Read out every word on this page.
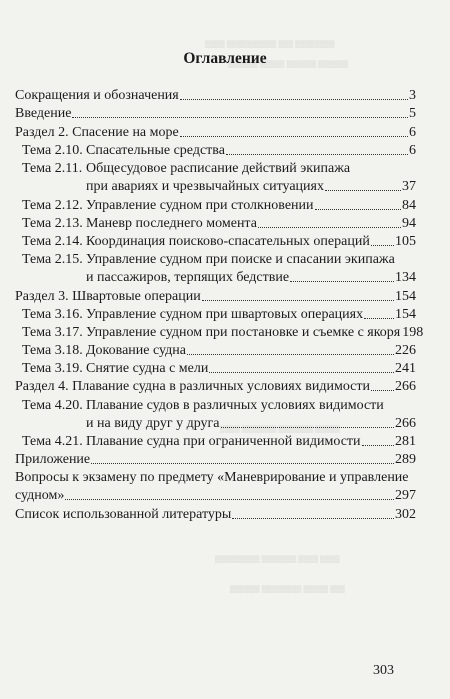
▒▒▒▒ ▒▒▒▒▒▒▒▒▒▒ ▒▒▒ ▒▒▒▒▒▒▒▒
▒▒▒▒▒▒ ▒▒▒▒▒ ▒▒▒▒▒▒ ▒▒▒▒▒▒
▒▒▒▒ ▒▒▒▒▒▒▒ ▒▒▒▒▒▒▒ ▒▒▒▒▒
▒▒▒▒▒▒▒▒▒ ▒▒▒▒▒▒▒ ▒▒▒▒ ▒▒▒▒
▒▒▒▒▒▒ ▒▒▒▒▒▒▒▒ ▒▒▒▒▒ ▒▒▒
Оглавление
Сокращения и обозначения	3
Введение	5
Раздел 2. Спасение на море	6
Тема 2.10. Спасательные средства	6
Тема 2.11. Общесудовое расписание действий экипажа
при авариях и чрезвычайных ситуациях	37
Тема 2.12. Управление судном при столкновении	84
Тема 2.13. Маневр последнего момента	94
Тема 2.14. Координация поисково-спасательных операций 105
Тема 2.15. Управление судном при поиске и спасании экипажа
и пассажиров, терпящих бедствие	134
Раздел 3. Швартовые операции	154
Тема 3.16. Управление судном при швартовых операциях 154
Тема 3.17. Управление судном при постановке и съемке с якоря 198
Тема 3.18. Докование судна	226
Тема 3.19. Снятие судна с мели	241
Раздел 4. Плавание судна в различных условиях видимости 266
Тема 4.20. Плавание судов в различных условиях видимости
и на виду друг у друга	266
Тема 4.21. Плавание судна при ограниченной видимости 281
Приложение	289
Вопросы к экзамену по предмету «Маневрирование и управление
судном»	297
Список использованной литературы	302
303
